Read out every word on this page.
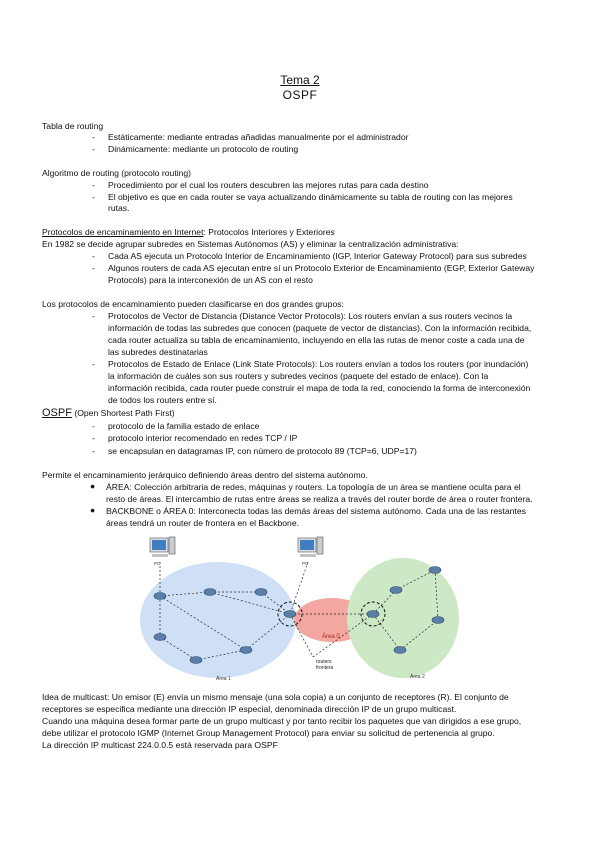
Tema 2
OSPF
Tabla de routing
- Estáticamente: mediante entradas añadidas manualmente por el administrador
- Dinámicamente: mediante un protocolo de routing
Algoritmo de routing (protocolo routing)
- Procedimiento por el cual los routers descubren las mejores rutas para cada destino
- El objetivo es que en cada router se vaya actualizando dinámicamente su tabla de routing con las mejores
rutas.
Protocolos de encaminamiento en Internet: Protocolos Interiores y Exteriores
En 1982 se decide agrupar subredes en Sistemas Autónomos (AS) y eliminar la centralización administrativa:
- Cada AS ejecuta un Protocolo Interior de Encaminamiento (IGP, Interior Gateway Protocol) para sus subredes
- Algunos routers de cada AS ejecutan entre sí un Protocolo Exterior de Encaminamiento (EGP, Exterior Gateway
Protocols) para la interconexión de un AS con el resto
Los protocolos de encaminamiento pueden clasificarse en dos grandes grupos:
- Protocolos de Vector de Distancia (Distance Vector Protocols): Los routers envían a sus routers vecinos la
información de todas las subredes que conocen (paquete de vector de distancias). Con la información recibida,
cada router actualiza su tabla de encaminamiento, incluyendo en ella las rutas de menor coste a cada una de
las subredes destinatarias
- Protocolos de Estado de Enlace (Link State Protocols): Los routers envían a todos los routers (por inundación)
la información de cuáles son sus routers y subredes vecinos (paquete del estado de enlace). Con la
información recibida, cada router puede construir el mapa de toda la red, conociendo la forma de interconexión
de todos los routers entre sí.
OSPF (Open Shortest Path First)
- protocolo de la familia estado de enlace
- protocolo interior recomendado en redes TCP / IP
- se encapsulan en datagramas IP, con número de protocolo 89 (TCP=6, UDP=17)
Permite el encaminamiento jerárquico definiendo áreas dentro del sistema autónomo.
● ÁREA: Colección arbitraria de redes, máquinas y routers. La topología de un área se mantiene oculta para el
resto de áreas. El intercambio de rutas entre áreas se realiza a través del router borde de área o router frontera.
● BACKBONE o ÁREA 0: Interconecta todas las demás áreas del sistema autónomo. Cada una de las restantes
áreas tendrá un router de frontera en el Backbone.
PC	PC
Área 0
Área 1	Área 2
routers
frontera
Idea de multicast: Un emisor (E) envía un mismo mensaje (una sola copia) a un conjunto de receptores (R). El conjunto de
receptores se especifica mediante una dirección IP especial, denominada dirección IP de un grupo multicast.
Cuando una máquina desea formar parte de un grupo multicast y por tanto recibir los paquetes que van dirigidos a ese grupo,
debe utilizar el protocolo IGMP (Internet Group Management Protocol) para enviar su solicitud de pertenencia al grupo.
La dirección IP multicast 224.0.0.5 está reservada para OSPF
